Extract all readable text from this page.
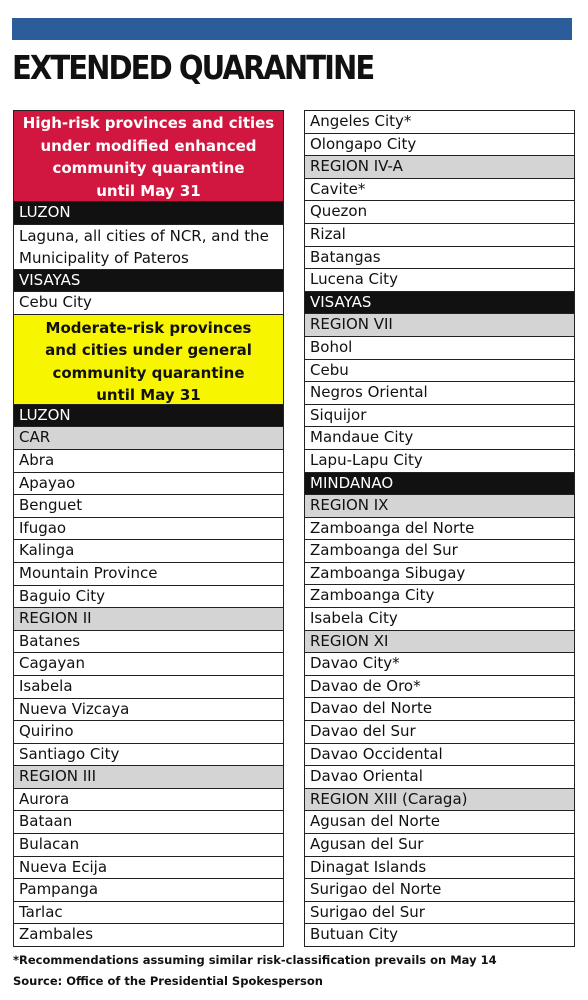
EXTENDED QUARANTINE
High-risk provinces and cities
under modified enhanced
community quarantine
until May 31
LUZON
Laguna, all cities of NCR, and the Municipality of Pateros
VISAYAS
Cebu City
Moderate-risk provinces
and cities under general
community quarantine
until May 31
LUZON
CAR
Abra
Apayao
Benguet
Ifugao
Kalinga
Mountain Province
Baguio City
REGION II
Batanes
Cagayan
Isabela
Nueva Vizcaya
Quirino
Santiago City
REGION III
Aurora
Bataan
Bulacan
Nueva Ecija
Pampanga
Tarlac
Zambales
Angeles City*
Olongapo City
REGION IV-A
Cavite*
Quezon
Rizal
Batangas
Lucena City
VISAYAS
REGION VII
Bohol
Cebu
Negros Oriental
Siquijor
Mandaue City
Lapu-Lapu City
MINDANAO
REGION IX
Zamboanga del Norte
Zamboanga del Sur
Zamboanga Sibugay
Zamboanga City
Isabela City
REGION XI
Davao City*
Davao de Oro*
Davao del Norte
Davao del Sur
Davao Occidental
Davao Oriental
REGION XIII (Caraga)
Agusan del Norte
Agusan del Sur
Dinagat Islands
Surigao del Norte
Surigao del Sur
Butuan City
*Recommendations assuming similar risk-classification prevails on May 14
Source: Office of the Presidential Spokesperson
